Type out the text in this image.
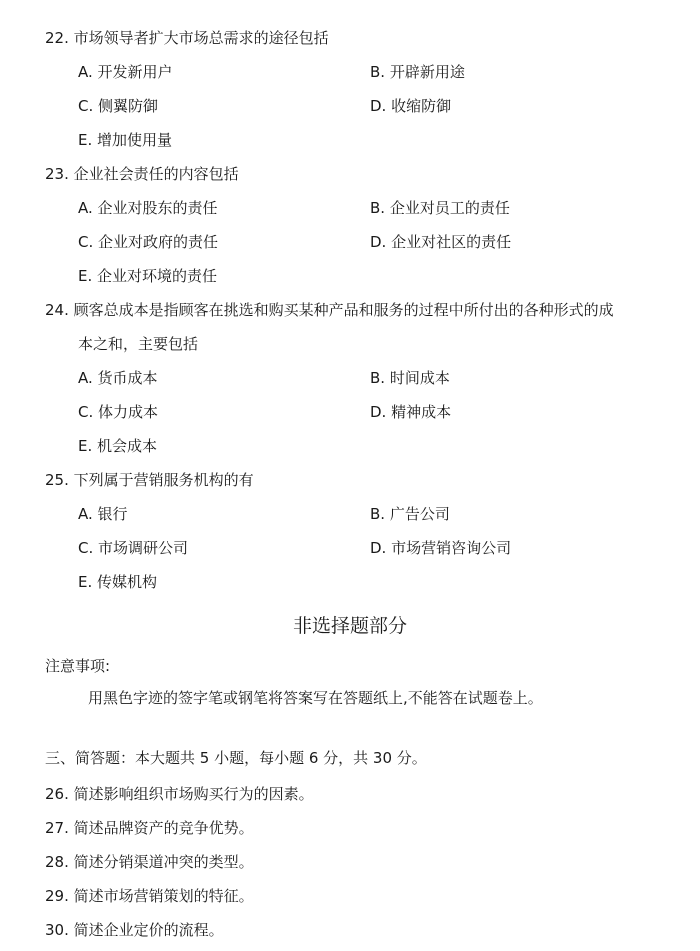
22. 市场领导者扩大市场总需求的途径包括
A. 开发新用户	B. 开辟新用途
C. 侧翼防御	D. 收缩防御
E. 增加使用量
23. 企业社会责任的内容包括
A. 企业对股东的责任	B. 企业对员工的责任
C. 企业对政府的责任	D. 企业对社区的责任
E. 企业对环境的责任
24. 顾客总成本是指顾客在挑选和购买某种产品和服务的过程中所付出的各种形式的成
本之和，主要包括
A. 货币成本	B. 时间成本
C. 体力成本	D. 精神成本
E. 机会成本
25. 下列属于营销服务机构的有
A. 银行	B. 广告公司
C. 市场调研公司	D. 市场营销咨询公司
E. 传媒机构
非选择题部分
注意事项:
用黑色字迹的签字笔或钢笔将答案写在答题纸上,不能答在试题卷上。
三、简答题：本大题共 5 小题，每小题 6 分，共 30 分。
26. 简述影响组织市场购买行为的因素。
27. 简述品牌资产的竞争优势。
28. 简述分销渠道冲突的类型。
29. 简述市场营销策划的特征。
30. 简述企业定价的流程。
